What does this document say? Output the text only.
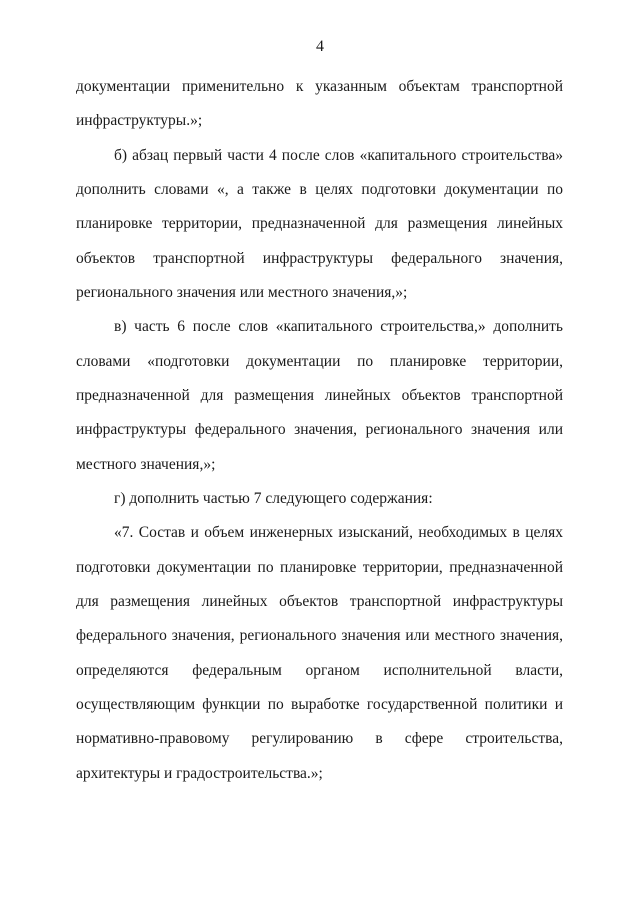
4
документации применительно к указанным объектам транспортной
инфраструктуры.»;
б) абзац первый части 4 после слов «капитального строительства»
дополнить словами «, а также в целях подготовки документации по
планировке территории, предназначенной для размещения линейных
объектов транспортной инфраструктуры федерального значения,
регионального значения или местного значения,»;
в) часть 6 после слов «капитального строительства,» дополнить
словами «подготовки документации по планировке территории,
предназначенной для размещения линейных объектов транспортной
инфраструктуры федерального значения, регионального значения или
местного значения,»;
г) дополнить частью 7 следующего содержания:
«7. Состав и объем инженерных изысканий, необходимых в целях
подготовки документации по планировке территории, предназначенной
для размещения линейных объектов транспортной инфраструктуры
федерального значения, регионального значения или местного значения,
определяются федеральным органом исполнительной власти,
осуществляющим функции по выработке государственной политики и
нормативно-правовому регулированию в сфере строительства,
архитектуры и градостроительства.»;
